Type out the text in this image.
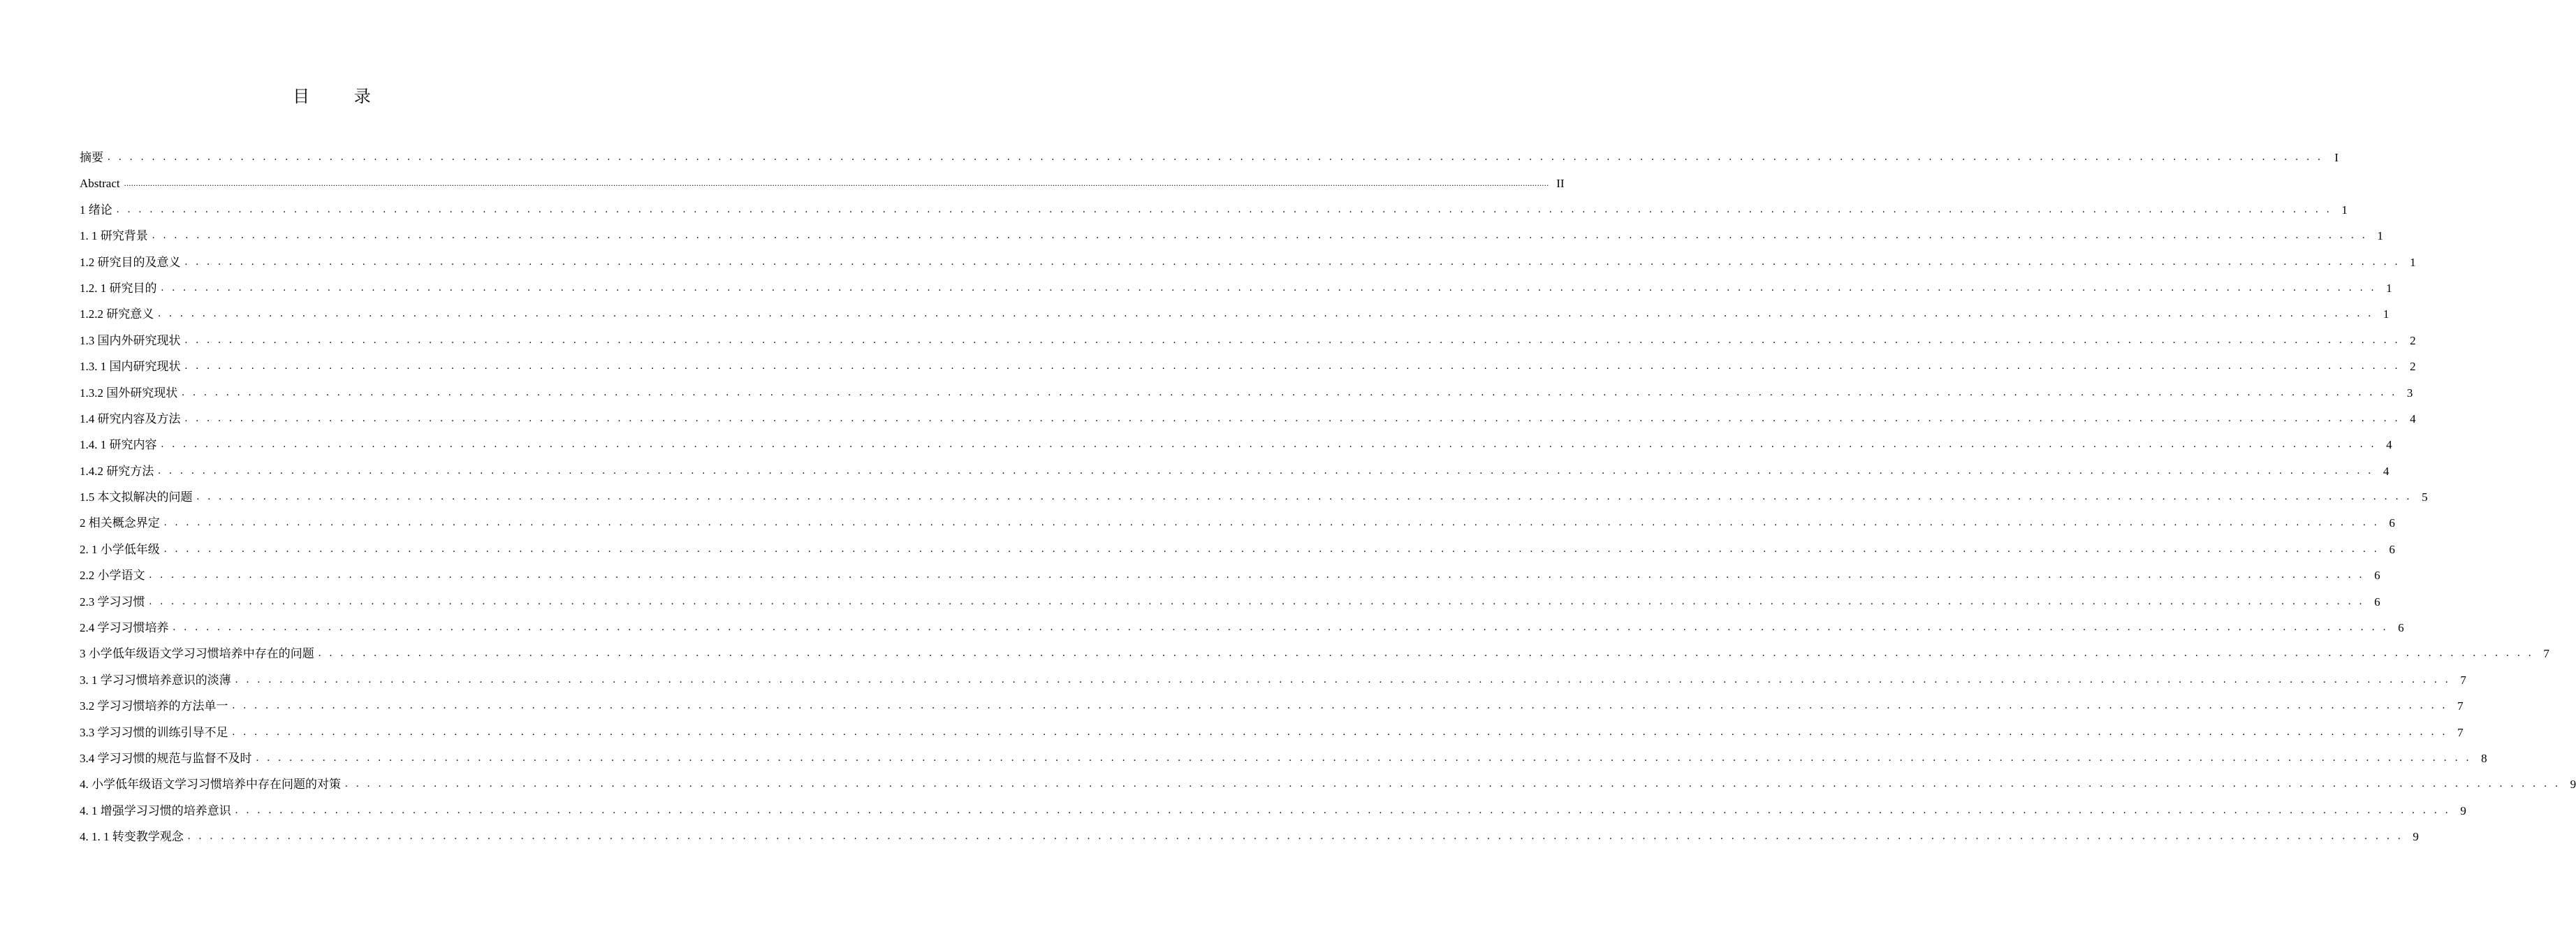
目 录
摘要 . . . . . . . . . . . . . . . . . . . . . . . . . . . . . . . . . . . . . . . . . . . . . . . . . . . . . . . . . . . . . . . . . . . . . . . . . . . . . . . . . . . . . . . . . . . . . . . . . . . . . . . . . . . . . . . . . . . . . . . . . . . . . . . . . . . . . . . . . . . . . . . . . . . . . . . . . . . . . . . . . . . . . . . . . . . . . . . . . . . . . . . . . . . . . . . . . . . . . . . . I
Abstract ........................................................................................................................................................................................................................................................................................................................................................................................................................................................................................................................................................................................................................ II
1 绪论 . . . . . . . . . . . . . . . . . . . . . . . . . . . . . . . . . . . . . . . . . . . . . . . . . . . . . . . . . . . . . . . . . . . . . . . . . . . . . . . . . . . . . . . . . . . . . . . . . . . . . . . . . . . . . . . . . . . . . . . . . . . . . . . . . . . . . . . . . . . . . . . . . . . . . . . . . . . . . . . . . . . . . . . . . . . . . . . . . . . . . . . . . . . . . . . . . . . . . . . . 1
1. 1 研究背景 . . . . . . . . . . . . . . . . . . . . . . . . . . . . . . . . . . . . . . . . . . . . . . . . . . . . . . . . . . . . . . . . . . . . . . . . . . . . . . . . . . . . . . . . . . . . . . . . . . . . . . . . . . . . . . . . . . . . . . . . . . . . . . . . . . . . . . . . . . . . . . . . . . . . . . . . . . . . . . . . . . . . . . . . . . . . . . . . . . . . . . . . . . . . . . . . . . . . . . . . 1
1.2 研究目的及意义 . . . . . . . . . . . . . . . . . . . . . . . . . . . . . . . . . . . . . . . . . . . . . . . . . . . . . . . . . . . . . . . . . . . . . . . . . . . . . . . . . . . . . . . . . . . . . . . . . . . . . . . . . . . . . . . . . . . . . . . . . . . . . . . . . . . . . . . . . . . . . . . . . . . . . . . . . . . . . . . . . . . . . . . . . . . . . . . . . . . . . . . . . . . . . . . . . . . . . . . . 1
1.2. 1 研究目的 . . . . . . . . . . . . . . . . . . . . . . . . . . . . . . . . . . . . . . . . . . . . . . . . . . . . . . . . . . . . . . . . . . . . . . . . . . . . . . . . . . . . . . . . . . . . . . . . . . . . . . . . . . . . . . . . . . . . . . . . . . . . . . . . . . . . . . . . . . . . . . . . . . . . . . . . . . . . . . . . . . . . . . . . . . . . . . . . . . . . . . . . . . . . . . . . . . . . . . . . 1
1.2.2 研究意义 . . . . . . . . . . . . . . . . . . . . . . . . . . . . . . . . . . . . . . . . . . . . . . . . . . . . . . . . . . . . . . . . . . . . . . . . . . . . . . . . . . . . . . . . . . . . . . . . . . . . . . . . . . . . . . . . . . . . . . . . . . . . . . . . . . . . . . . . . . . . . . . . . . . . . . . . . . . . . . . . . . . . . . . . . . . . . . . . . . . . . . . . . . . . . . . . . . . . . . . . 1
1.3 国内外研究现状 . . . . . . . . . . . . . . . . . . . . . . . . . . . . . . . . . . . . . . . . . . . . . . . . . . . . . . . . . . . . . . . . . . . . . . . . . . . . . . . . . . . . . . . . . . . . . . . . . . . . . . . . . . . . . . . . . . . . . . . . . . . . . . . . . . . . . . . . . . . . . . . . . . . . . . . . . . . . . . . . . . . . . . . . . . . . . . . . . . . . . . . . . . . . . . . . . . . . . . . . 2
1.3. 1 国内研究现状 . . . . . . . . . . . . . . . . . . . . . . . . . . . . . . . . . . . . . . . . . . . . . . . . . . . . . . . . . . . . . . . . . . . . . . . . . . . . . . . . . . . . . . . . . . . . . . . . . . . . . . . . . . . . . . . . . . . . . . . . . . . . . . . . . . . . . . . . . . . . . . . . . . . . . . . . . . . . . . . . . . . . . . . . . . . . . . . . . . . . . . . . . . . . . . . . . . . . . . . . 2
1.3.2 国外研究现状 . . . . . . . . . . . . . . . . . . . . . . . . . . . . . . . . . . . . . . . . . . . . . . . . . . . . . . . . . . . . . . . . . . . . . . . . . . . . . . . . . . . . . . . . . . . . . . . . . . . . . . . . . . . . . . . . . . . . . . . . . . . . . . . . . . . . . . . . . . . . . . . . . . . . . . . . . . . . . . . . . . . . . . . . . . . . . . . . . . . . . . . . . . . . . . . . . . . . . . . . 3
1.4 研究内容及方法 . . . . . . . . . . . . . . . . . . . . . . . . . . . . . . . . . . . . . . . . . . . . . . . . . . . . . . . . . . . . . . . . . . . . . . . . . . . . . . . . . . . . . . . . . . . . . . . . . . . . . . . . . . . . . . . . . . . . . . . . . . . . . . . . . . . . . . . . . . . . . . . . . . . . . . . . . . . . . . . . . . . . . . . . . . . . . . . . . . . . . . . . . . . . . . . . . . . . . . . . 4
1.4. 1 研究内容 . . . . . . . . . . . . . . . . . . . . . . . . . . . . . . . . . . . . . . . . . . . . . . . . . . . . . . . . . . . . . . . . . . . . . . . . . . . . . . . . . . . . . . . . . . . . . . . . . . . . . . . . . . . . . . . . . . . . . . . . . . . . . . . . . . . . . . . . . . . . . . . . . . . . . . . . . . . . . . . . . . . . . . . . . . . . . . . . . . . . . . . . . . . . . . . . . . . . . . . . 4
1.4.2 研究方法 . . . . . . . . . . . . . . . . . . . . . . . . . . . . . . . . . . . . . . . . . . . . . . . . . . . . . . . . . . . . . . . . . . . . . . . . . . . . . . . . . . . . . . . . . . . . . . . . . . . . . . . . . . . . . . . . . . . . . . . . . . . . . . . . . . . . . . . . . . . . . . . . . . . . . . . . . . . . . . . . . . . . . . . . . . . . . . . . . . . . . . . . . . . . . . . . . . . . . . . . 4
1.5 本文拟解决的问题 . . . . . . . . . . . . . . . . . . . . . . . . . . . . . . . . . . . . . . . . . . . . . . . . . . . . . . . . . . . . . . . . . . . . . . . . . . . . . . . . . . . . . . . . . . . . . . . . . . . . . . . . . . . . . . . . . . . . . . . . . . . . . . . . . . . . . . . . . . . . . . . . . . . . . . . . . . . . . . . . . . . . . . . . . . . . . . . . . . . . . . . . . . . . . . . . . . . . . . . . 5
2 相关概念界定 . . . . . . . . . . . . . . . . . . . . . . . . . . . . . . . . . . . . . . . . . . . . . . . . . . . . . . . . . . . . . . . . . . . . . . . . . . . . . . . . . . . . . . . . . . . . . . . . . . . . . . . . . . . . . . . . . . . . . . . . . . . . . . . . . . . . . . . . . . . . . . . . . . . . . . . . . . . . . . . . . . . . . . . . . . . . . . . . . . . . . . . . . . . . . . . . . . . . . . . . 6
2. 1 小学低年级 . . . . . . . . . . . . . . . . . . . . . . . . . . . . . . . . . . . . . . . . . . . . . . . . . . . . . . . . . . . . . . . . . . . . . . . . . . . . . . . . . . . . . . . . . . . . . . . . . . . . . . . . . . . . . . . . . . . . . . . . . . . . . . . . . . . . . . . . . . . . . . . . . . . . . . . . . . . . . . . . . . . . . . . . . . . . . . . . . . . . . . . . . . . . . . . . . . . . . . . . 6
2.2 小学语文 . . . . . . . . . . . . . . . . . . . . . . . . . . . . . . . . . . . . . . . . . . . . . . . . . . . . . . . . . . . . . . . . . . . . . . . . . . . . . . . . . . . . . . . . . . . . . . . . . . . . . . . . . . . . . . . . . . . . . . . . . . . . . . . . . . . . . . . . . . . . . . . . . . . . . . . . . . . . . . . . . . . . . . . . . . . . . . . . . . . . . . . . . . . . . . . . . . . . . . . . 6
2.3 学习习惯 . . . . . . . . . . . . . . . . . . . . . . . . . . . . . . . . . . . . . . . . . . . . . . . . . . . . . . . . . . . . . . . . . . . . . . . . . . . . . . . . . . . . . . . . . . . . . . . . . . . . . . . . . . . . . . . . . . . . . . . . . . . . . . . . . . . . . . . . . . . . . . . . . . . . . . . . . . . . . . . . . . . . . . . . . . . . . . . . . . . . . . . . . . . . . . . . . . . . . . . . 6
2.4 学习习惯培养 . . . . . . . . . . . . . . . . . . . . . . . . . . . . . . . . . . . . . . . . . . . . . . . . . . . . . . . . . . . . . . . . . . . . . . . . . . . . . . . . . . . . . . . . . . . . . . . . . . . . . . . . . . . . . . . . . . . . . . . . . . . . . . . . . . . . . . . . . . . . . . . . . . . . . . . . . . . . . . . . . . . . . . . . . . . . . . . . . . . . . . . . . . . . . . . . . . . . . . . . 6
3 小学低年级语文学习习惯培养中存在的问题 . . . . . . . . . . . . . . . . . . . . . . . . . . . . . . . . . . . . . . . . . . . . . . . . . . . . . . . . . . . . . . . . . . . . . . . . . . . . . . . . . . . . . . . . . . . . . . . . . . . . . . . . . . . . . . . . . . . . . . . . . . . . . . . . . . . . . . . . . . . . . . . . . . . . . . . . . . . . . . . . . . . . . . . . . . . . . . . . . . . . . . . . . . . . . . . . . . . . . . . . 7
3. 1 学习习惯培养意识的淡薄 . . . . . . . . . . . . . . . . . . . . . . . . . . . . . . . . . . . . . . . . . . . . . . . . . . . . . . . . . . . . . . . . . . . . . . . . . . . . . . . . . . . . . . . . . . . . . . . . . . . . . . . . . . . . . . . . . . . . . . . . . . . . . . . . . . . . . . . . . . . . . . . . . . . . . . . . . . . . . . . . . . . . . . . . . . . . . . . . . . . . . . . . . . . . . . . . . . . . . . . . 7
3.2 学习习惯培养的方法单一 . . . . . . . . . . . . . . . . . . . . . . . . . . . . . . . . . . . . . . . . . . . . . . . . . . . . . . . . . . . . . . . . . . . . . . . . . . . . . . . . . . . . . . . . . . . . . . . . . . . . . . . . . . . . . . . . . . . . . . . . . . . . . . . . . . . . . . . . . . . . . . . . . . . . . . . . . . . . . . . . . . . . . . . . . . . . . . . . . . . . . . . . . . . . . . . . . . . . . . . . 7
3.3 学习习惯的训练引导不足 . . . . . . . . . . . . . . . . . . . . . . . . . . . . . . . . . . . . . . . . . . . . . . . . . . . . . . . . . . . . . . . . . . . . . . . . . . . . . . . . . . . . . . . . . . . . . . . . . . . . . . . . . . . . . . . . . . . . . . . . . . . . . . . . . . . . . . . . . . . . . . . . . . . . . . . . . . . . . . . . . . . . . . . . . . . . . . . . . . . . . . . . . . . . . . . . . . . . . . . . 7
3.4 学习习惯的规范与监督不及时 . . . . . . . . . . . . . . . . . . . . . . . . . . . . . . . . . . . . . . . . . . . . . . . . . . . . . . . . . . . . . . . . . . . . . . . . . . . . . . . . . . . . . . . . . . . . . . . . . . . . . . . . . . . . . . . . . . . . . . . . . . . . . . . . . . . . . . . . . . . . . . . . . . . . . . . . . . . . . . . . . . . . . . . . . . . . . . . . . . . . . . . . . . . . . . . . . . . . . . . . 8
4. 小学低年级语文学习习惯培养中存在问题的对策 . . . . . . . . . . . . . . . . . . . . . . . . . . . . . . . . . . . . . . . . . . . . . . . . . . . . . . . . . . . . . . . . . . . . . . . . . . . . . . . . . . . . . . . . . . . . . . . . . . . . . . . . . . . . . . . . . . . . . . . . . . . . . . . . . . . . . . . . . . . . . . . . . . . . . . . . . . . . . . . . . . . . . . . . . . . . . . . . . . . . . . . . . . . . . . . . . . . . . . . . 9
4. 1 增强学习习惯的培养意识 . . . . . . . . . . . . . . . . . . . . . . . . . . . . . . . . . . . . . . . . . . . . . . . . . . . . . . . . . . . . . . . . . . . . . . . . . . . . . . . . . . . . . . . . . . . . . . . . . . . . . . . . . . . . . . . . . . . . . . . . . . . . . . . . . . . . . . . . . . . . . . . . . . . . . . . . . . . . . . . . . . . . . . . . . . . . . . . . . . . . . . . . . . . . . . . . . . . . . . . . 9
4. 1. 1 转变教学观念 . . . . . . . . . . . . . . . . . . . . . . . . . . . . . . . . . . . . . . . . . . . . . . . . . . . . . . . . . . . . . . . . . . . . . . . . . . . . . . . . . . . . . . . . . . . . . . . . . . . . . . . . . . . . . . . . . . . . . . . . . . . . . . . . . . . . . . . . . . . . . . . . . . . . . . . . . . . . . . . . . . . . . . . . . . . . . . . . . . . . . . . . . . . . . . . . . . . . . . . . 9
